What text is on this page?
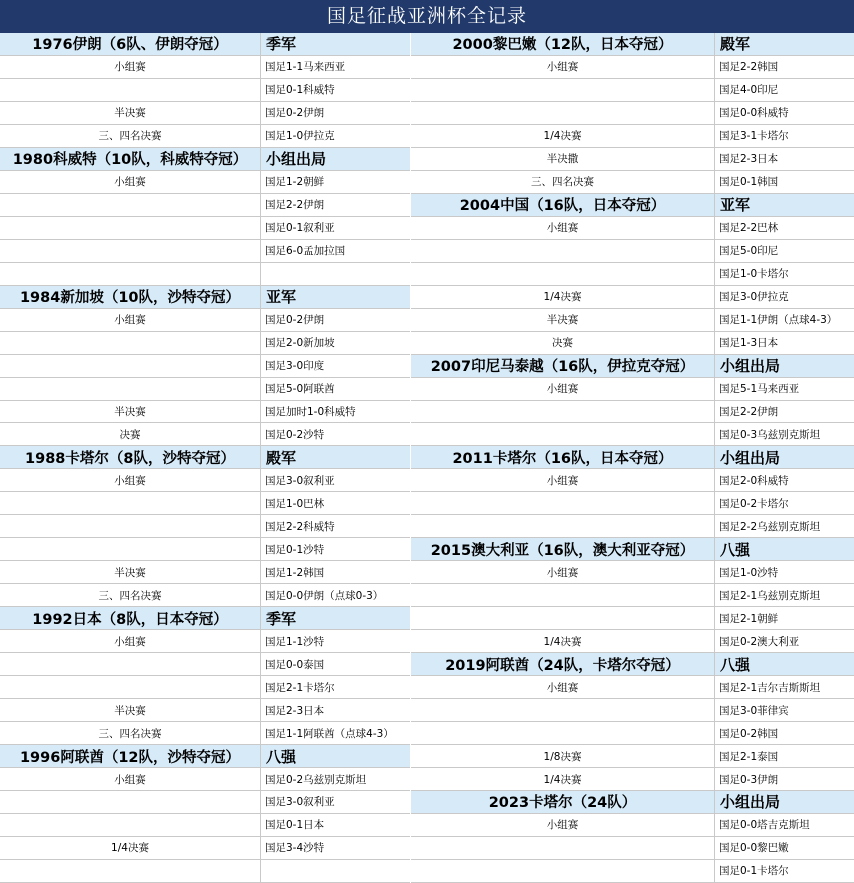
国足征战亚洲杯全记录
1976伊朗（6队、伊朗夺冠）	季军
小组赛	国足1-1马来西亚
国足0-1科威特
半决赛	国足0-2伊朗
三、四名决赛	国足1-0伊拉克
1980科威特（10队，科威特夺冠）	小组出局
小组赛	国足1-2朝鲜
国足2-2伊朗
国足0-1叙利亚
国足6-0孟加拉国
1984新加坡（10队，沙特夺冠）	亚军
小组赛	国足0-2伊朗
国足2-0新加坡
国足3-0印度
国足5-0阿联酋
半决赛	国足加时1-0科威特
决赛	国足0-2沙特
1988卡塔尔（8队，沙特夺冠）	殿军
小组赛	国足3-0叙利亚
国足1-0巴林
国足2-2科威特
国足0-1沙特
半决赛	国足1-2韩国
三、四名决赛	国足0-0伊朗（点球0-3）
1992日本（8队，日本夺冠）	季军
小组赛	国足1-1沙特
国足0-0泰国
国足2-1卡塔尔
半决赛	国足2-3日本
三、四名决赛	国足1-1阿联酋（点球4-3）
1996阿联酋（12队，沙特夺冠）	八强
小组赛	国足0-2乌兹别克斯坦
国足3-0叙利亚
国足0-1日本
1/4决赛	国足3-4沙特
2000黎巴嫩（12队，日本夺冠）	殿军
小组赛	国足2-2韩国
国足4-0印尼
国足0-0科威特
1/4决赛	国足3-1卡塔尔
半决撒	国足2-3日本
三、四名决赛	国足0-1韩国
2004中国（16队，日本夺冠）	亚军
小组赛	国足2-2巴林
国足5-0印尼
国足1-0卡塔尔
1/4决赛	国足3-0伊拉克
半决赛	国足1-1伊朗（点球4-3）
决赛	国足1-3日本
2007印尼马泰越（16队，伊拉克夺冠）	小组出局
小组赛	国足5-1马来西亚
国足2-2伊朗
国足0-3乌兹别克斯坦
2011卡塔尔（16队，日本夺冠）	小组出局
小组赛	国足2-0科威特
国足0-2卡塔尔
国足2-2乌兹别克斯坦
2015澳大利亚（16队，澳大利亚夺冠）	八强
小组赛	国足1-0沙特
国足2-1乌兹别克斯坦
国足2-1朝鲜
1/4决赛	国足0-2澳大利亚
2019阿联酋（24队，卡塔尔夺冠）	八强
小组赛	国足2-1吉尔吉斯斯坦
国足3-0菲律宾
国足0-2韩国
1/8决赛	国足2-1泰国
1/4决赛	国足0-3伊朗
2023卡塔尔（24队）	小组出局
小组赛	国足0-0塔吉克斯坦
国足0-0黎巴嫩
国足0-1卡塔尔
